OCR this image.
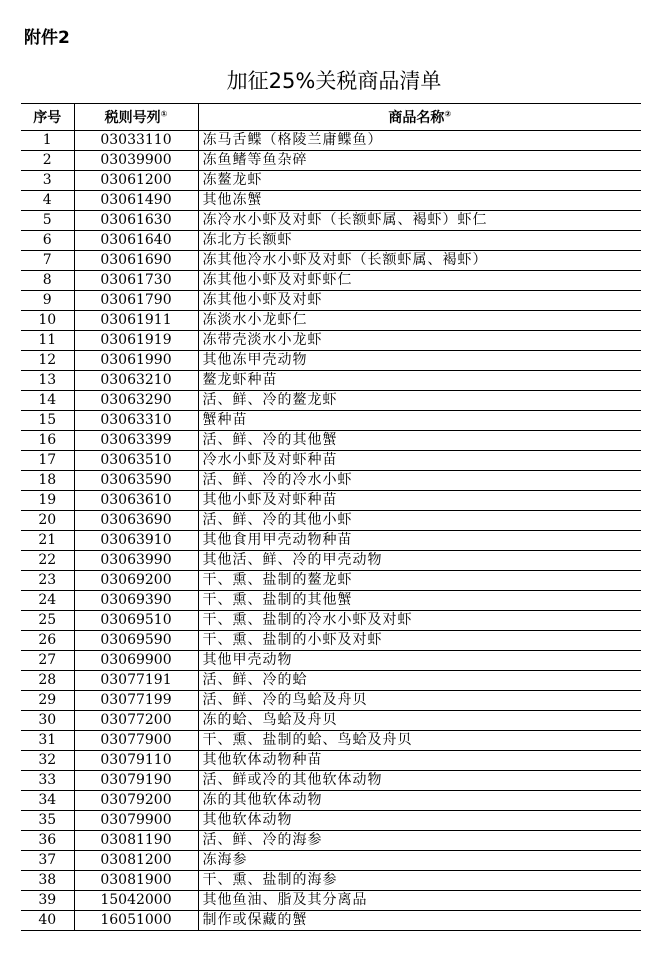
附件2
加征25%关税商品清单
序号	税则号列①	商品名称②
1	03033110	冻马舌鲽（格陵兰庸鲽鱼）
2	03039900	冻鱼鳍等鱼杂碎
3	03061200	冻鳌龙虾
4	03061490	其他冻蟹
5	03061630	冻冷水小虾及对虾（长额虾属、褐虾）虾仁
6	03061640	冻北方长额虾
7	03061690	冻其他冷水小虾及对虾（长额虾属、褐虾）
8	03061730	冻其他小虾及对虾虾仁
9	03061790	冻其他小虾及对虾
10	03061911	冻淡水小龙虾仁
11	03061919	冻带壳淡水小龙虾
12	03061990	其他冻甲壳动物
13	03063210	鳌龙虾种苗
14	03063290	活、鲜、冷的鳌龙虾
15	03063310	蟹种苗
16	03063399	活、鲜、冷的其他蟹
17	03063510	冷水小虾及对虾种苗
18	03063590	活、鲜、冷的冷水小虾
19	03063610	其他小虾及对虾种苗
20	03063690	活、鲜、冷的其他小虾
21	03063910	其他食用甲壳动物种苗
22	03063990	其他活、鲜、冷的甲壳动物
23	03069200	干、熏、盐制的鳌龙虾
24	03069390	干、熏、盐制的其他蟹
25	03069510	干、熏、盐制的冷水小虾及对虾
26	03069590	干、熏、盐制的小虾及对虾
27	03069900	其他甲壳动物
28	03077191	活、鲜、冷的蛤
29	03077199	活、鲜、冷的鸟蛤及舟贝
30	03077200	冻的蛤、鸟蛤及舟贝
31	03077900	干、熏、盐制的蛤、鸟蛤及舟贝
32	03079110	其他软体动物种苗
33	03079190	活、鲜或冷的其他软体动物
34	03079200	冻的其他软体动物
35	03079900	其他软体动物
36	03081190	活、鲜、冷的海参
37	03081200	冻海参
38	03081900	干、熏、盐制的海参
39	15042000	其他鱼油、脂及其分离品
40	16051000	制作或保藏的蟹
